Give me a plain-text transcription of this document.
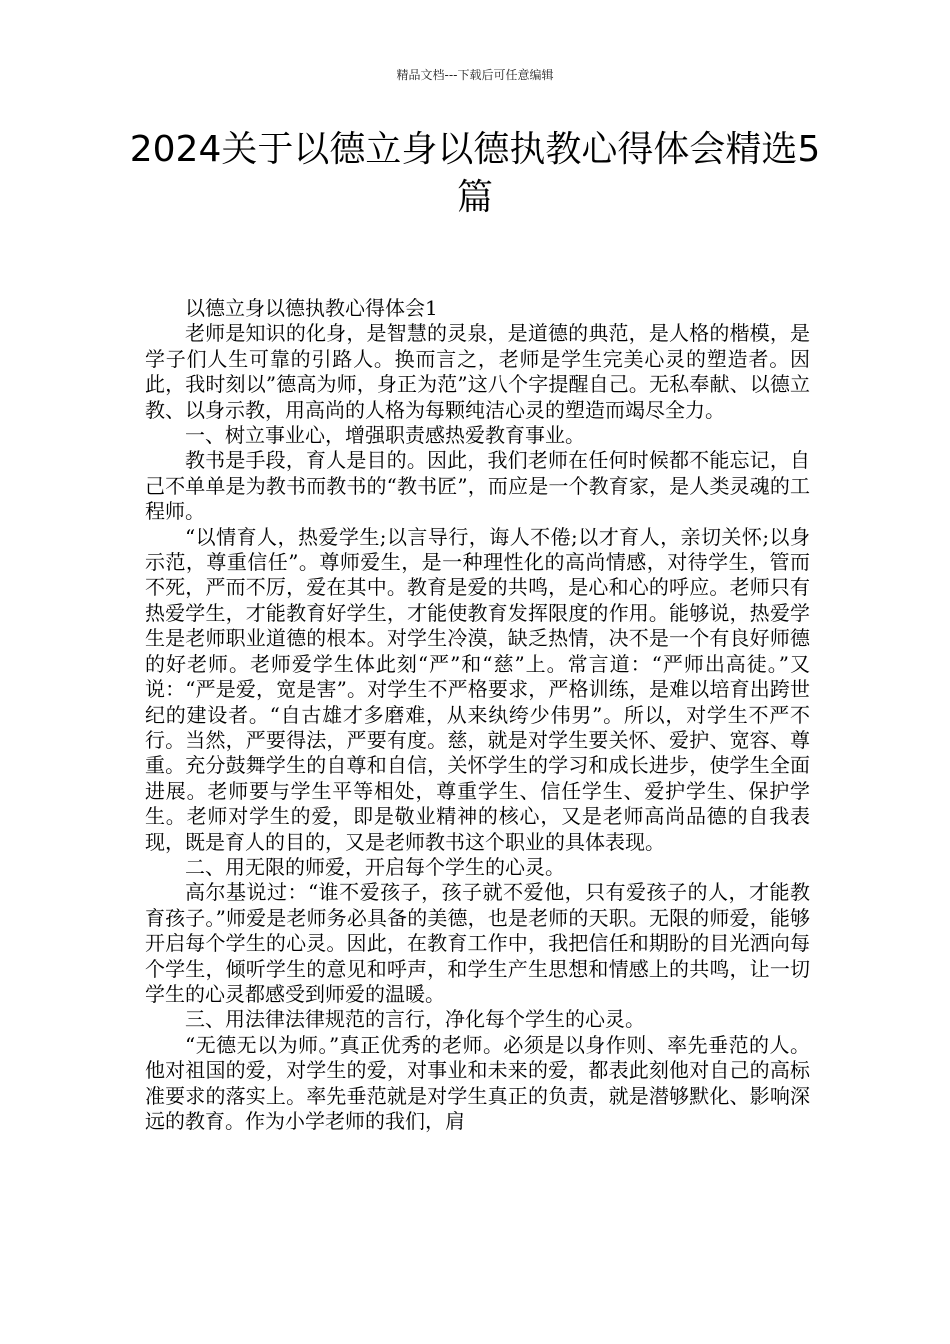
精品文档---下载后可任意编辑
2024关于以德立身以德执教心得体会精选5篇

以德立身以德执教心得体会1

老师是知识的化身，是智慧的灵泉，是道德的典范，是人格的楷模，是学子们人生可靠的引路人。换而言之，老师是学生完美心灵的塑造者。因此，我时刻以”德高为师，身正为范”这八个字提醒自己。无私奉献、以德立教、以身示教，用高尚的人格为每颗纯洁心灵的塑造而竭尽全力。

一、树立事业心，增强职责感热爱教育事业。

教书是手段，育人是目的。因此，我们老师在任何时候都不能忘记，自己不单单是为教书而教书的“教书匠”，而应是一个教育家，是人类灵魂的工程师。

“以情育人，热爱学生;以言导行，诲人不倦;以才育人，亲切关怀;以身示范，尊重信任”。尊师爱生，是一种理性化的高尚情感，对待学生，管而不死，严而不厉，爱在其中。教育是爱的共鸣，是心和心的呼应。老师只有热爱学生，才能教育好学生，才能使教育发挥限度的作用。能够说，热爱学生是老师职业道德的根本。对学生冷漠，缺乏热情，决不是一个有良好师德的好老师。老师爱学生体此刻“严”和“慈”上。常言道：“严师出高徒。”又说：“严是爱，宽是害”。对学生不严格要求，严格训练，是难以培育出跨世纪的建设者。“自古雄才多磨难，从来纨绔少伟男”。所以，对学生不严不行。当然，严要得法，严要有度。慈，就是对学生要关怀、爱护、宽容、尊重。充分鼓舞学生的自尊和自信，关怀学生的学习和成长进步，使学生全面进展。老师要与学生平等相处，尊重学生、信任学生、爱护学生、保护学生。老师对学生的爱，即是敬业精神的核心，又是老师高尚品德的自我表现，既是育人的目的，又是老师教书这个职业的具体表现。

二、用无限的师爱，开启每个学生的心灵。

高尔基说过：“谁不爱孩子，孩子就不爱他，只有爱孩子的人，才能教育孩子。”师爱是老师务必具备的美德，也是老师的天职。无限的师爱，能够开启每个学生的心灵。因此，在教育工作中，我把信任和期盼的目光洒向每个学生，倾听学生的意见和呼声，和学生产生思想和情感上的共鸣，让一切学生的心灵都感受到师爱的温暖。

三、用法律法律规范的言行，净化每个学生的心灵。

“无德无以为师。”真正优秀的老师。必须是以身作则、率先垂范的人。他对祖国的爱，对学生的爱，对事业和未来的爱，都表此刻他对自己的高标准要求的落实上。率先垂范就是对学生真正的负责，就是潜够默化、影响深远的教育。作为小学老师的我们，肩
